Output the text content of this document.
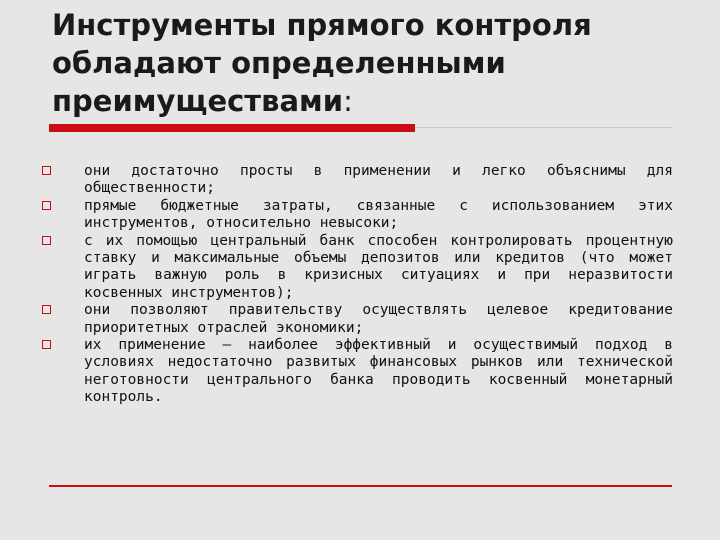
Инструменты прямого контроля обладают определенными преимуществами:
они достаточно просты в применении и легко объяснимы для общественности;
прямые бюджетные затраты, связанные с использованием этих инструментов, относительно невысоки;
с их помощью центральный банк способен контролировать процентную ставку и максимальные объемы депозитов или кредитов (что может играть важную роль в кризисных ситуациях и при неразвитости косвенных инструментов);
они позволяют правительству осуществлять целевое кредитование приоритетных отраслей экономики;
их применение – наиболее эффективный и осуществимый подход в условиях недостаточно развитых финансовых рынков или технической неготовности центрального банка проводить косвенный монетарный контроль.
